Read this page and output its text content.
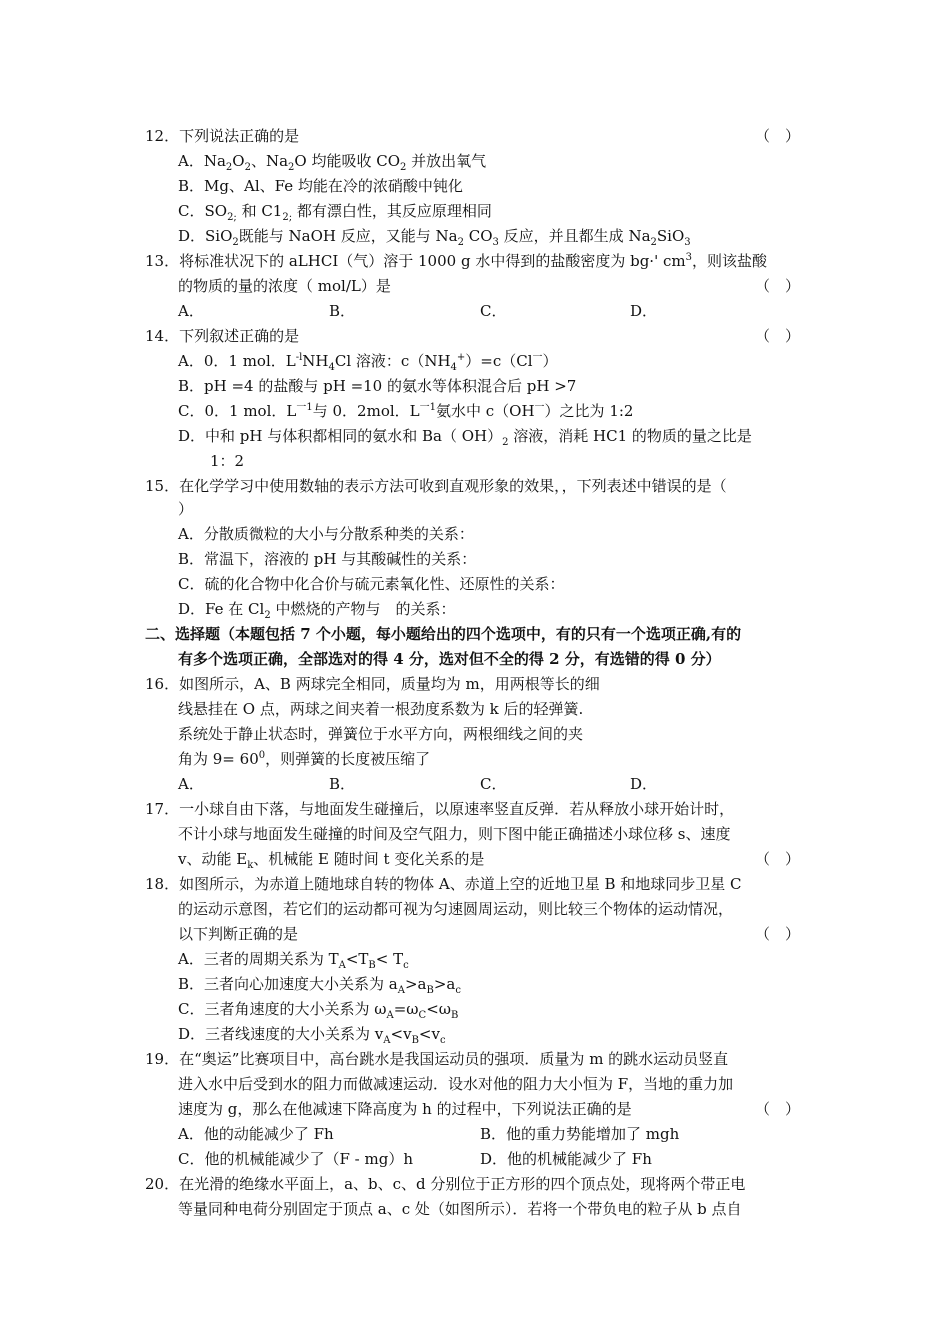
12．下列说法正确的是	（　）
A．$Na_2O_2$、$Na_2O$ 均能吸收 $CO_2$ 并放出氧气
B．Mg、Al、Fe 均能在冷的浓硝酸中钝化
C．$SO_{2;}$ 和 $C1_{2;}$ 都有漂白性，其反应原理相同
D．SiO$_2$既能与 NaOH 反应，又能与 $Na_2$ $CO_3$ 反应，并且都生成 $Na_2SiO_3$
13．将标准状况下的 aLHCI（气）溶于 1000 g 水中得到的盐酸密度为 bg·' $cm^3$，则该盐酸
的物质的量的浓度（ mol/L）是	（　）
A．	B．	C．	D．
14．下列叙述正确的是	（　）
A．0．1 mol．$L^{-l}NH_4Cl$ 溶液：$c(NH_4^+)=c(Cl^一)$
B．pH =4 的盐酸与 pH =10 的氨水等体积混合后 pH >7
C．0．1 mol．$L^{一1}$与 0．2mol．$L^{一1}$氨水中 $c(OH^一)$之比为 1:2
D．中和 pH 与体积都相同的氨水和 Ba（ $OH)_2$ 溶液，消耗 HC1 的物质的量之比是
1：2
15．在化学学习中使用数轴的表示方法可收到直观形象的效果，，下列表述中错误的是（
）
A．分散质微粒的大小与分散系种类的关系：
B．常温下，溶液的 pH 与其酸碱性的关系：
C．硫的化合物中化合价与硫元素氧化性、还原性的关系：
D．Fe 在 $Cl_2$ 中燃烧的产物与　的关系：
二、选择题（本题包括 7 个小题，每小题给出的四个选项中，有的只有一个选项正确,有的
有多个选项正确，全部选对的得 4 分，选对但不全的得 2 分，有选错的得 0 分）
16．如图所示，A、B 两球完全相同，质量均为 m，用两根等长的细
线悬挂在 O 点，两球之间夹着一根劲度系数为 k 后的轻弹簧.
系统处于静止状态时，弹簧位于水平方向，两根细线之间的夹
角为 $9= 60^0$，则弹簧的长度被压缩了
A．	B．	C．	D．
17．一小球自由下落，与地面发生碰撞后，以原速率竖直反弹．若从释放小球开始计时，
不计小球与地面发生碰撞的时间及空气阻力，则下图中能正确描述小球位移 s、速度
v、动能 $E_k$、机械能 E 随时间 t 变化关系的是	（　）
18．如图所示，为赤道上随地球自转的物体 A、赤道上空的近地卫星 B 和地球同步卫星 C
的运动示意图，若它们的运动都可视为匀速圆周运动，则比较三个物体的运动情况，
以下判断正确的是	（　）
A．三者的周期关系为 $T_A<T_B< T_c$
B．三者向心加速度大小关系为 $a_A>a_B>a_c$
C．三者角速度的大小关系为 $\omega_A=\omega_C<\omega_B$
D．三者线速度的大小关系为 $v_A<v_B<v_c$
19．在“奥运”比赛项目中，高台跳水是我国运动员的强项．质量为 m 的跳水运动员竖直
进入水中后受到水的阻力而做减速运动．设水对他的阻力大小恒为 F，当地的重力加
速度为 g，那么在他减速下降高度为 h 的过程中，下列说法正确的是	（　）
A．他的动能减少了 Fh	B．他的重力势能增加了 mgh
C．他的机械能减少了（F - mg）h	D．他的机械能减少了 Fh
20．在光滑的绝缘水平面上，a、b、c、d 分别位于正方形的四个顶点处，现将两个带正电
等量同种电荷分别固定于顶点 a、c 处（如图所示）．若将一个带负电的粒子从 b 点自
